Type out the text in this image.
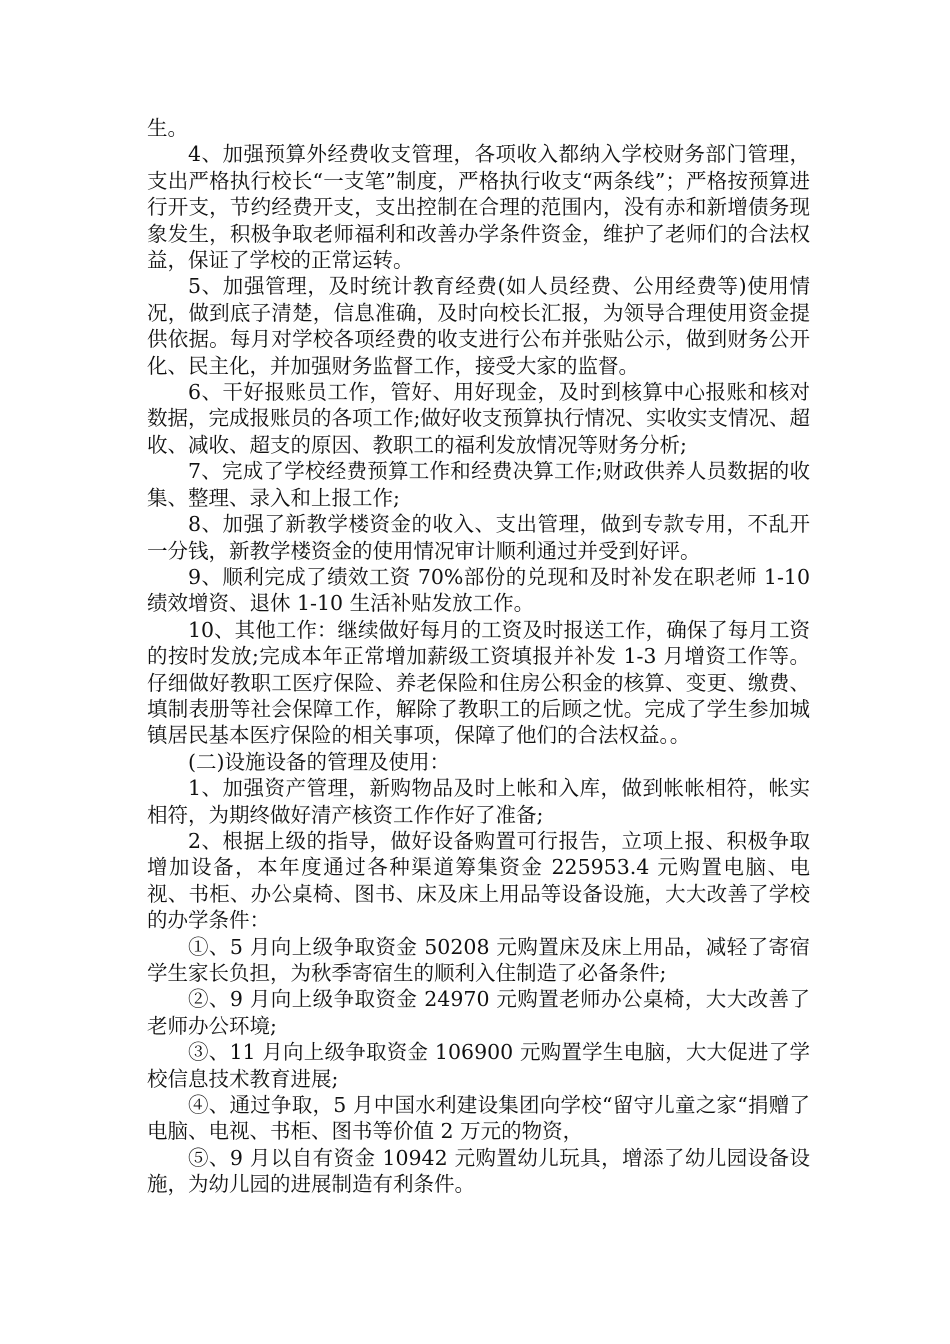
生。

4、加强预算外经费收支管理，各项收入都纳入学校财务部门管理，支出严格执行校长“一支笔”制度，严格执行收支“两条线”；严格按预算进行开支，节约经费开支，支出控制在合理的范围内，没有赤和新增债务现象发生，积极争取老师福利和改善办学条件资金，维护了老师们的合法权益，保证了学校的正常运转。

5、加强管理，及时统计教育经费(如人员经费、公用经费等)使用情况，做到底子清楚，信息准确，及时向校长汇报，为领导合理使用资金提供依据。每月对学校各项经费的收支进行公布并张贴公示，做到财务公开化、民主化，并加强财务监督工作，接受大家的监督。

6、干好报账员工作，管好、用好现金，及时到核算中心报账和核对数据，完成报账员的各项工作;做好收支预算执行情况、实收实支情况、超收、减收、超支的原因、教职工的福利发放情况等财务分析;

7、完成了学校经费预算工作和经费决算工作;财政供养人员数据的收集、整理、录入和上报工作;

8、加强了新教学楼资金的收入、支出管理，做到专款专用，不乱开一分钱，新教学楼资金的使用情况审计顺利通过并受到好评。

9、顺利完成了绩效工资 70%部份的兑现和及时补发在职老师 1-10 绩效增资、退休 1-10 生活补贴发放工作。

10、其他工作：继续做好每月的工资及时报送工作，确保了每月工资的按时发放;完成本年正常增加薪级工资填报并补发 1-3 月增资工作等。仔细做好教职工医疗保险、养老保险和住房公积金的核算、变更、缴费、填制表册等社会保障工作，解除了教职工的后顾之忧。完成了学生参加城镇居民基本医疗保险的相关事项，保障了他们的合法权益。。

(二)设施设备的管理及使用：

1、加强资产管理，新购物品及时上帐和入库，做到帐帐相符，帐实相符，为期终做好清产核资工作作好了准备;

2、根据上级的指导，做好设备购置可行报告，立项上报、积极争取增加设备，本年度通过各种渠道筹集资金 225953.4 元购置电脑、电视、书柜、办公桌椅、图书、床及床上用品等设备设施，大大改善了学校的办学条件：

①、5 月向上级争取资金 50208 元购置床及床上用品，减轻了寄宿学生家长负担，为秋季寄宿生的顺利入住制造了必备条件;

②、9 月向上级争取资金 24970 元购置老师办公桌椅，大大改善了老师办公环境;

③、11 月向上级争取资金 106900 元购置学生电脑，大大促进了学校信息技术教育进展;

④、通过争取，5 月中国水利建设集团向学校“留守儿童之家“捐赠了电脑、电视、书柜、图书等价值 2 万元的物资，

⑤、9 月以自有资金 10942 元购置幼儿玩具，增添了幼儿园设备设施，为幼儿园的进展制造有利条件。
